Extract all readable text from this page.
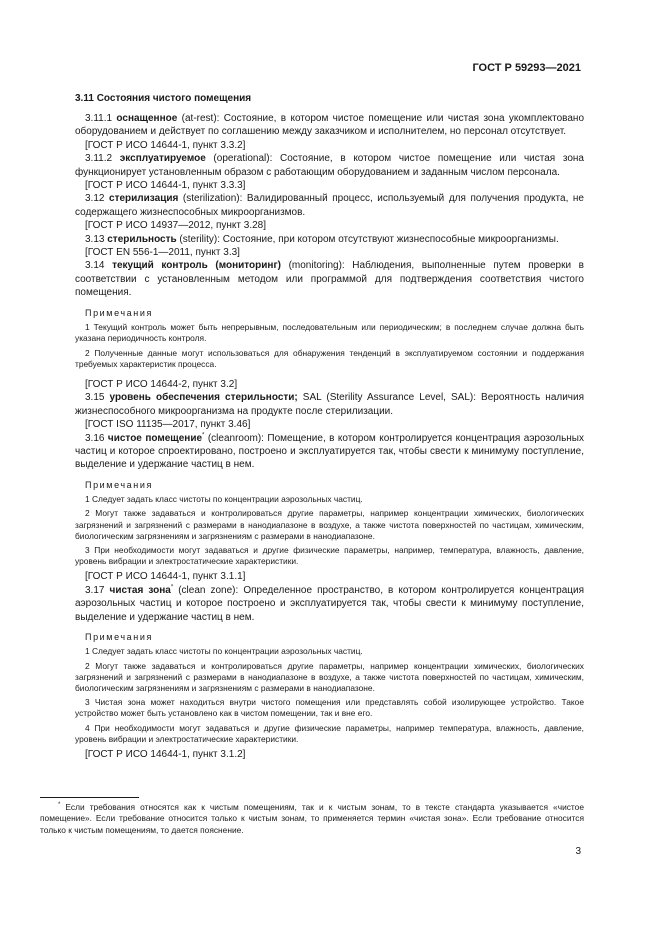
ГОСТ Р 59293—2021
3.11 Состояния чистого помещения

3.11.1 оснащенное (at-rest): Состояние, в котором чистое помещение или чистая зона укомплектовано оборудованием и действует по соглашению между заказчиком и исполнителем, но персонал отсутствует.

[ГОСТ Р ИСО 14644-1, пункт 3.3.2]

3.11.2 эксплуатируемое (operational): Состояние, в котором чистое помещение или чистая зона функционирует установленным образом с работающим оборудованием и заданным числом персонала.

[ГОСТ Р ИСО 14644-1, пункт 3.3.3]

3.12 стерилизация (sterilization): Валидированный процесс, используемый для получения продукта, не содержащего жизнеспособных микроорганизмов.

[ГОСТ Р ИСО 14937—2012, пункт 3.28]

3.13 стерильность (sterility): Состояние, при котором отсутствуют жизнеспособные микроорганизмы.

[ГОСТ EN 556-1—2011, пункт 3.3]

3.14 текущий контроль (мониторинг) (monitoring): Наблюдения, выполненные путем проверки в соответствии с установленным методом или программой для подтверждения соответствия чистого помещения.

Примечания

1 Текущий контроль может быть непрерывным, последовательным или периодическим; в последнем случае должна быть указана периодичность контроля.

2 Полученные данные могут использоваться для обнаружения тенденций в эксплуатируемом состоянии и поддержания требуемых характеристик процесса.

[ГОСТ Р ИСО 14644-2, пункт 3.2]

3.15 уровень обеспечения стерильности; SAL (Sterility Assurance Level, SAL): Вероятность наличия жизнеспособного микроорганизма на продукте после стерилизации.

[ГОСТ ISO 11135—2017, пункт 3.46]

3.16 чистое помещение* (cleanroom): Помещение, в котором контролируется концентрация аэрозольных частиц и которое спроектировано, построено и эксплуатируется так, чтобы свести к минимуму поступление, выделение и удержание частиц в нем.

Примечания

1 Следует задать класс чистоты по концентрации аэрозольных частиц.

2 Могут также задаваться и контролироваться другие параметры, например концентрации химических, биологических загрязнений и загрязнений с размерами в нанодиапазоне в воздухе, а также чистота поверхностей по частицам, химическим, биологическим загрязнениям и загрязнениям с размерами в нанодиапазоне.

3 При необходимости могут задаваться и другие физические параметры, например, температура, влажность, давление, уровень вибрации и электростатические характеристики.

[ГОСТ Р ИСО 14644-1, пункт 3.1.1]

3.17 чистая зона* (clean zone): Определенное пространство, в котором контролируется концентрация аэрозольных частиц и которое построено и эксплуатируется так, чтобы свести к минимуму поступление, выделение и удержание частиц в нем.

Примечания

1 Следует задать класс чистоты по концентрации аэрозольных частиц.

2 Могут также задаваться и контролироваться другие параметры, например концентрации химических, биологических загрязнений и загрязнений с размерами в нанодиапазоне в воздухе, а также чистота поверхностей по частицам, химическим, биологическим загрязнениям и загрязнениям с размерами в нанодиапазоне.

3 Чистая зона может находиться внутри чистого помещения или представлять собой изолирующее устройство. Такое устройство может быть установлено как в чистом помещении, так и вне его.

4 При необходимости могут задаваться и другие физические параметры, например температура, влажность, давление, уровень вибрации и электростатические характеристики.

[ГОСТ Р ИСО 14644-1, пункт 3.1.2]

* Если требования относятся как к чистым помещениям, так и к чистым зонам, то в тексте стандарта указывается «чистое помещение». Если требование относится только к чистым зонам, то применяется термин «чистая зона». Если требование относится только к чистым помещениям, то дается пояснение.

3
